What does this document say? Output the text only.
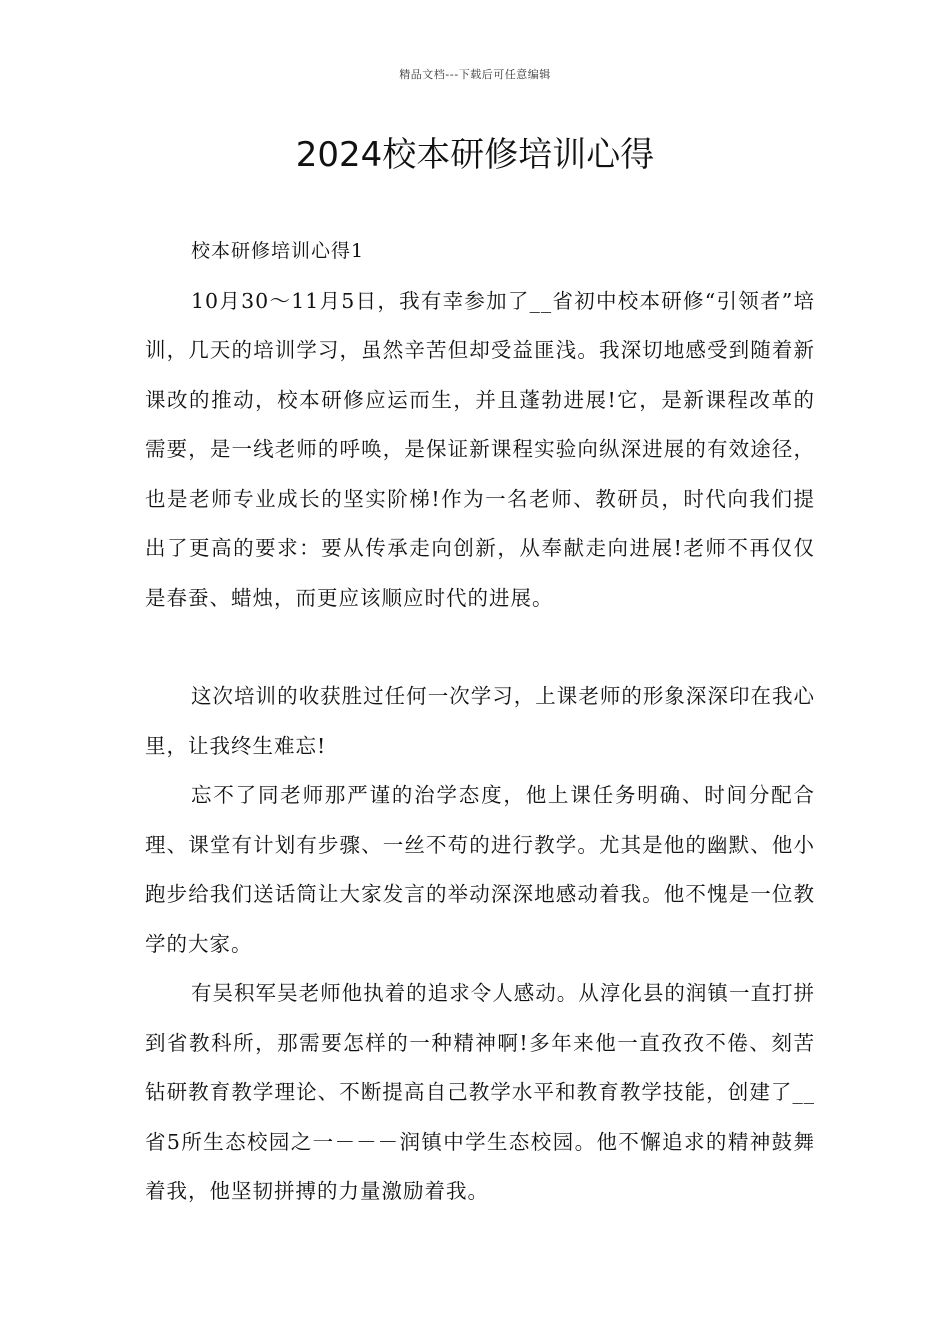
精品文档---下载后可任意编辑
2024校本研修培训心得

校本研修培训心得1

10月30～11月5日，我有幸参加了__省初中校本研修“引领者”培训，几天的培训学习，虽然辛苦但却受益匪浅。我深切地感受到随着新课改的推动，校本研修应运而生，并且蓬勃进展!它，是新课程改革的需要，是一线老师的呼唤，是保证新课程实验向纵深进展的有效途径，也是老师专业成长的坚实阶梯!作为一名老师、教研员，时代向我们提出了更高的要求：要从传承走向创新，从奉献走向进展!老师不再仅仅是春蚕、蜡烛，而更应该顺应时代的进展。

这次培训的收获胜过任何一次学习，上课老师的形象深深印在我心里，让我终生难忘!

忘不了同老师那严谨的治学态度，他上课任务明确、时间分配合理、课堂有计划有步骤、一丝不苟的进行教学。尤其是他的幽默、他小跑步给我们送话筒让大家发言的举动深深地感动着我。他不愧是一位教学的大家。

有吴积军吴老师他执着的追求令人感动。从淳化县的润镇一直打拼到省教科所，那需要怎样的一种精神啊!多年来他一直孜孜不倦、刻苦钻研教育教学理论、不断提高自己教学水平和教育教学技能，创建了__省5所生态校园之一－－－润镇中学生态校园。他不懈追求的精神鼓舞着我，他坚韧拼搏的力量激励着我。
